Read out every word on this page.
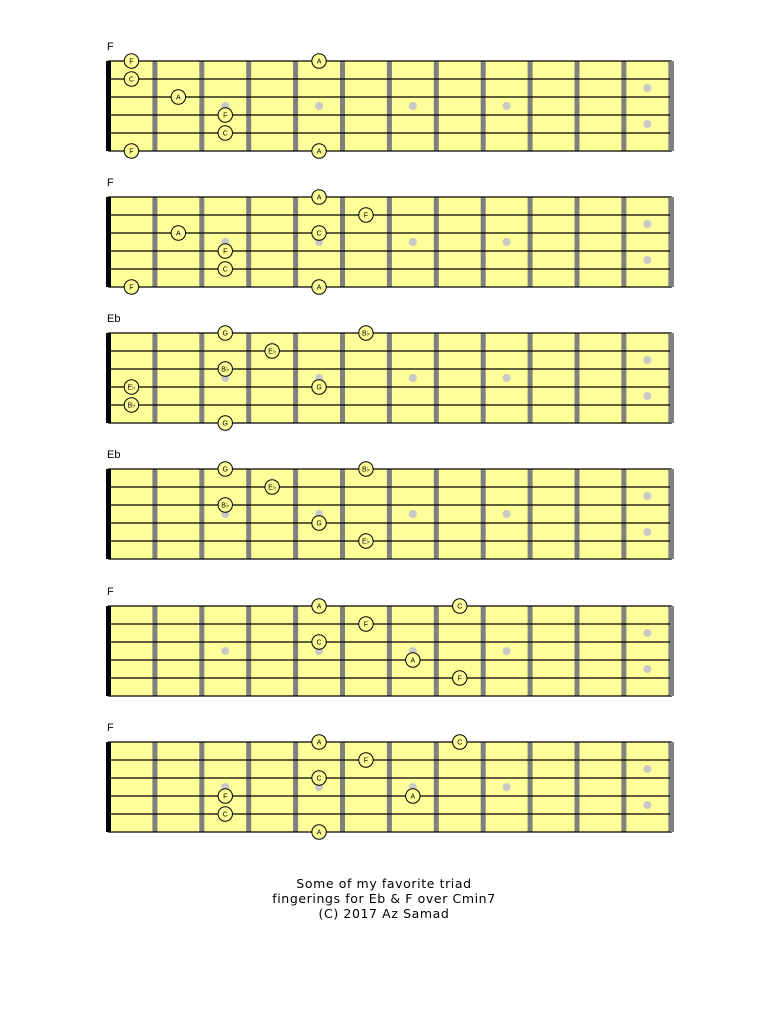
F
F	A
C
A
F
C
F	A
F
A
F
A	C
F
C
F	A
Eb
G	B♭
E♭
B♭
E♭	G
B♭
G
Eb
G	B♭
E♭
B♭
G
E♭
F
A	C
F
C
A
F
F
A	C
F
C
F	A
C
A
Some of my favorite triad
fingerings for Eb & F over Cmin7
(C) 2017 Az Samad
